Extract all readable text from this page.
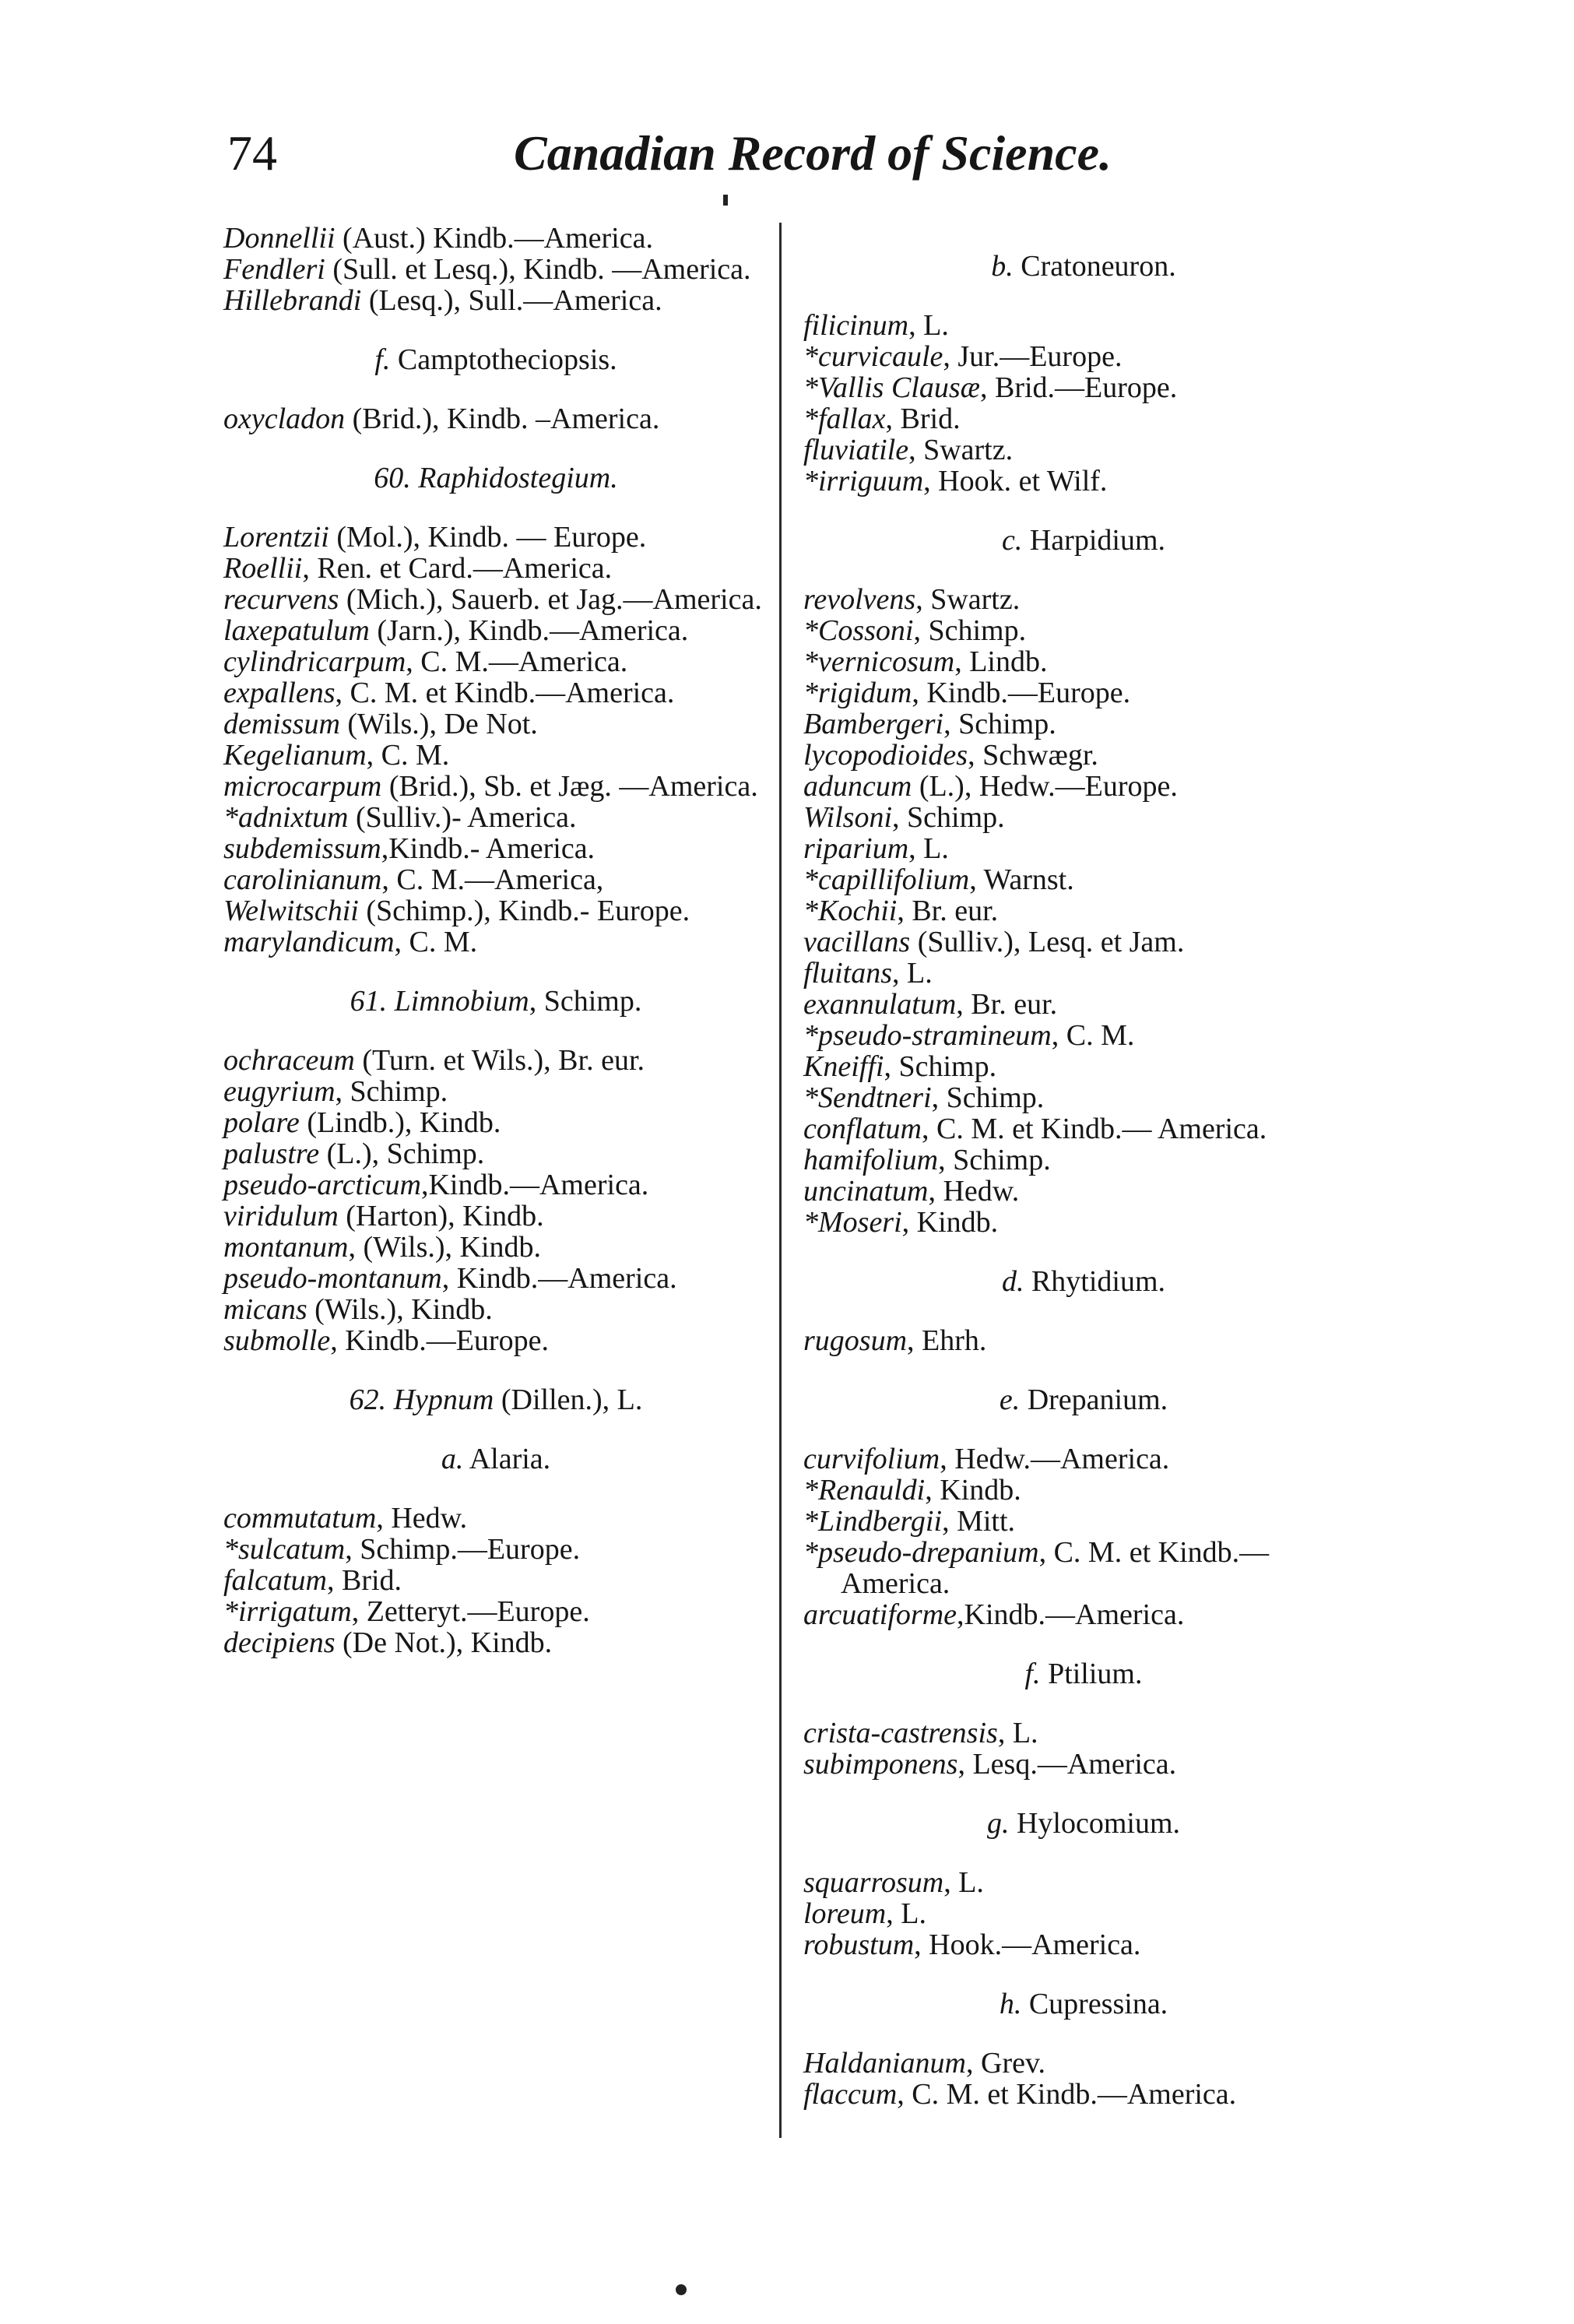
74	Canadian Record of Science.

Donnellii (Aust.) Kindb.—America.

Fendleri (Sull. et Lesq.), Kindb. —America.

Hillebrandi (Lesq.), Sull.—America.

f. Camptotheciopsis.

oxycladon (Brid.), Kindb. –America.

60. Raphidostegium.

Lorentzii (Mol.), Kindb. — Europe.

Roellii, Ren. et Card.—America.

recurvens (Mich.), Sauerb. et Jag.—America.

laxepatulum (Jarn.), Kindb.—America.

cylindricarpum, C. M.—America.

expallens, C. M. et Kindb.—America.

demissum (Wils.), De Not.

Kegelianum, C. M.

microcarpum (Brid.), Sb. et Jæg. —America.

*adnixtum (Sulliv.)- America.

subdemissum,Kindb.- America.

carolinianum, C. M.—America,

Welwitschii (Schimp.), Kindb.- Europe.

marylandicum, C. M.

61. Limnobium, Schimp.

ochraceum (Turn. et Wils.), Br. eur.

eugyrium, Schimp.

polare (Lindb.), Kindb.

palustre (L.), Schimp.

pseudo-arcticum,Kindb.—America.

viridulum (Harton), Kindb.

montanum, (Wils.), Kindb.

pseudo-montanum, Kindb.—America.

micans (Wils.), Kindb.

submolle, Kindb.—Europe.

62. Hypnum (Dillen.), L.
a. Alaria.

commutatum, Hedw.

*sulcatum, Schimp.—Europe.

falcatum, Brid.

*irrigatum, Zetteryt.—Europe.

decipiens (De Not.), Kindb.

b. Cratoneuron.

filicinum, L.

*curvicaule, Jur.—Europe.

*Vallis Clausæ, Brid.—Europe.

*fallax, Brid.

fluviatile, Swartz.

*irriguum, Hook. et Wilf.

c. Harpidium.

revolvens, Swartz.

*Cossoni, Schimp.

*vernicosum, Lindb.

*rigidum, Kindb.—Europe.

Bambergeri, Schimp.

lycopodioides, Schwægr.

aduncum (L.), Hedw.—Europe.

Wilsoni, Schimp.

riparium, L.

*capillifolium, Warnst.

*Kochii, Br. eur.

vacillans (Sulliv.), Lesq. et Jam.

fluitans, L.

exannulatum, Br. eur.

*pseudo-stramineum, C. M.

Kneiffi, Schimp.

*Sendtneri, Schimp.

conflatum, C. M. et Kindb.— America.

hamifolium, Schimp.

uncinatum, Hedw.

*Moseri, Kindb.

d. Rhytidium.

rugosum, Ehrh.

e. Drepanium.

curvifolium, Hedw.—America.

*Renauldi, Kindb.

*Lindbergii, Mitt.

*pseudo-drepanium, C. M. et Kindb.—America.

arcuatiforme,Kindb.—America.

f. Ptilium.

crista-castrensis, L.

subimponens, Lesq.—America.

g. Hylocomium.

squarrosum, L.

loreum, L.

robustum, Hook.—America.

h. Cupressina.

Haldanianum, Grev.

flaccum, C. M. et Kindb.—America.
